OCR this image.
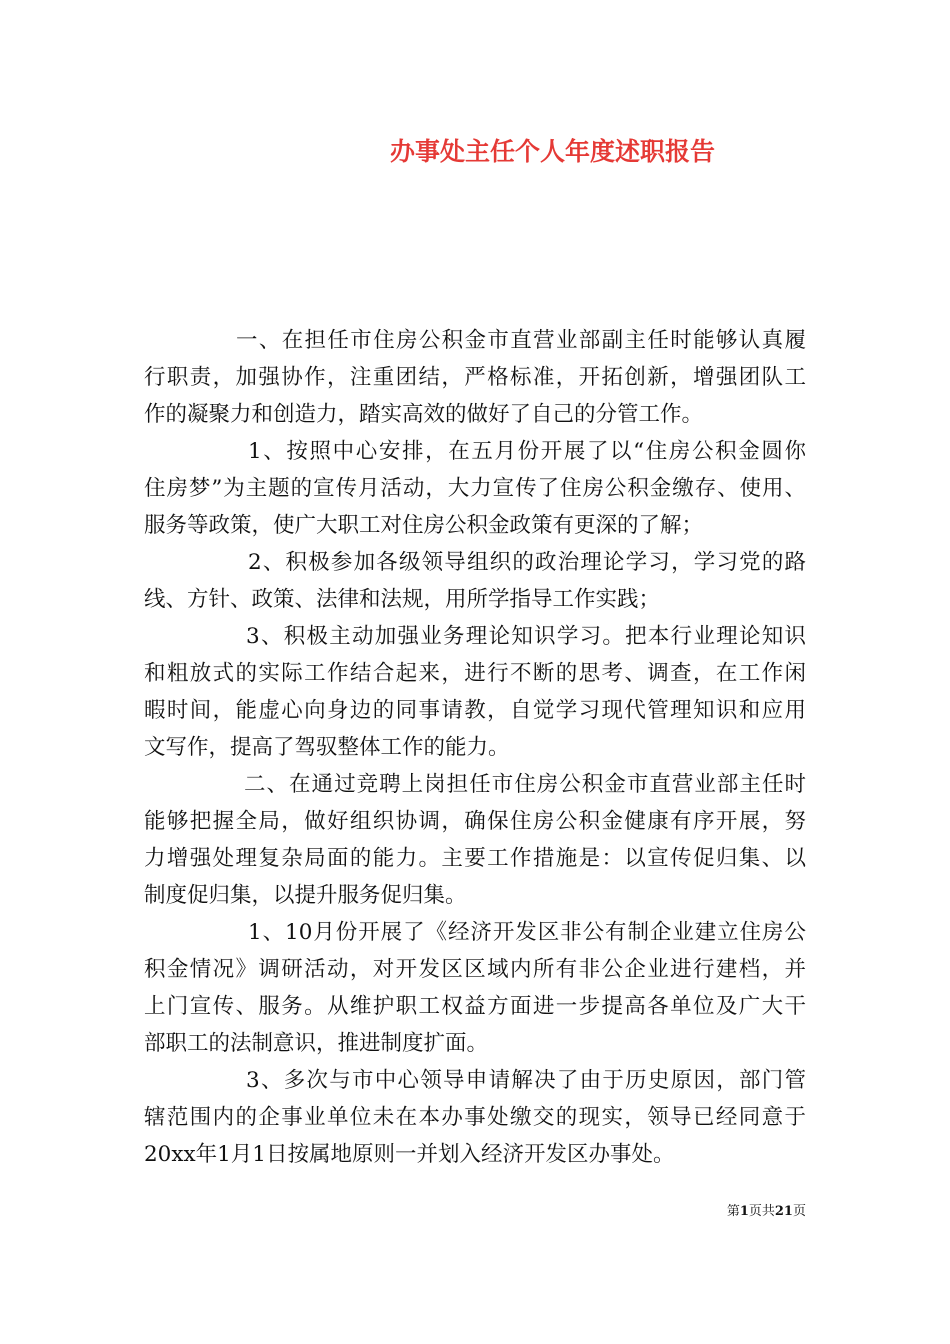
办事处主任个人年度述职报告
一、在担任市住房公积金市直营业部副主任时能够认真履
行职责，加强协作，注重团结，严格标准，开拓创新，增强团队工
作的凝聚力和创造力，踏实高效的做好了自己的分管工作。
1、按照中心安排，在五月份开展了以“住房公积金圆你
住房梦”为主题的宣传月活动，大力宣传了住房公积金缴存、使用、
服务等政策，使广大职工对住房公积金政策有更深的了解；
2、积极参加各级领导组织的政治理论学习，学习党的路
线、方针、政策、法律和法规，用所学指导工作实践；
3、积极主动加强业务理论知识学习。把本行业理论知识
和粗放式的实际工作结合起来，进行不断的思考、调查，在工作闲
暇时间，能虚心向身边的同事请教，自觉学习现代管理知识和应用
文写作，提高了驾驭整体工作的能力。
二、在通过竞聘上岗担任市住房公积金市直营业部主任时
能够把握全局，做好组织协调，确保住房公积金健康有序开展，努
力增强处理复杂局面的能力。主要工作措施是：以宣传促归集、以
制度促归集，以提升服务促归集。
1、10月份开展了《经济开发区非公有制企业建立住房公
积金情况》调研活动，对开发区区域内所有非公企业进行建档，并
上门宣传、服务。从维护职工权益方面进一步提高各单位及广大干
部职工的法制意识，推进制度扩面。
3、多次与市中心领导申请解决了由于历史原因，部门管
辖范围内的企事业单位未在本办事处缴交的现实，领导已经同意于
20xx年1月1日按属地原则一并划入经济开发区办事处。
第1页共21页
